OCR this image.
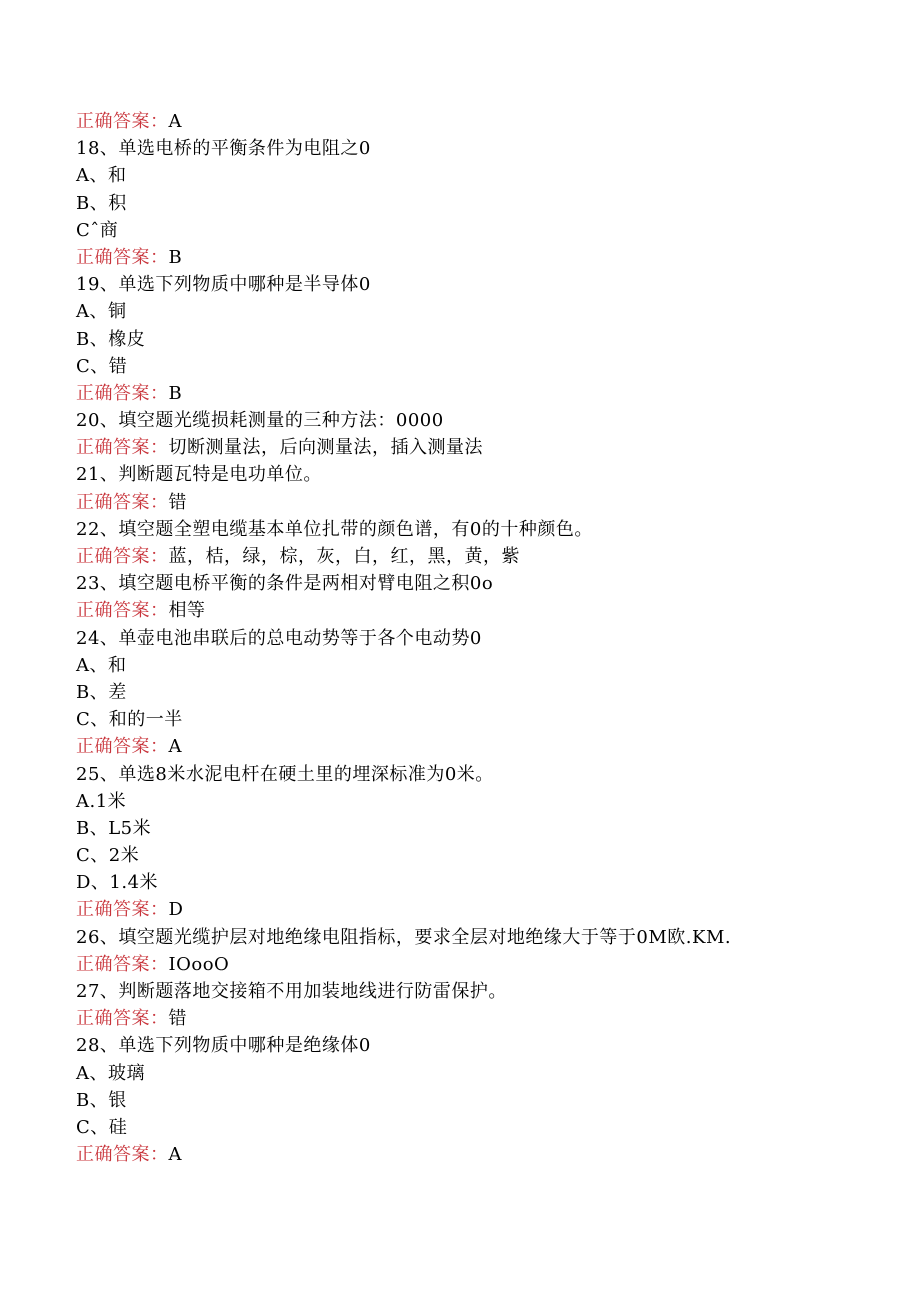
正确答案：A
18、单选电桥的平衡条件为电阻之0
A、和
B、积
Cˆ商
正确答案：B
19、单选下列物质中哪种是半导体0
A、铜
B、橡皮
C、错
正确答案：B
20、填空题光缆损耗测量的三种方法：0000
正确答案：切断测量法，后向测量法，插入测量法
21、判断题瓦特是电功单位。
正确答案：错
22、填空题全塑电缆基本单位扎带的颜色谱，有0的十种颜色。
正确答案：蓝，桔，绿，棕，灰，白，红，黑，黄，紫
23、填空题电桥平衡的条件是两相对臂电阻之积0o
正确答案：相等
24、单壶电池串联后的总电动势等于各个电动势0
A、和
B、差
C、和的一半
正确答案：A
25、单选8米水泥电杆在硬土里的埋深标准为0米。
A.1米
B、L5米
C、2米
D、1.4米
正确答案：D
26、填空题光缆护层对地绝缘电阻指标，要求全层对地绝缘大于等于0M欧.KM.
正确答案：IOooO
27、判断题落地交接箱不用加装地线进行防雷保护。
正确答案：错
28、单选下列物质中哪种是绝缘体0
A、玻璃
B、银
C、硅
正确答案：A
